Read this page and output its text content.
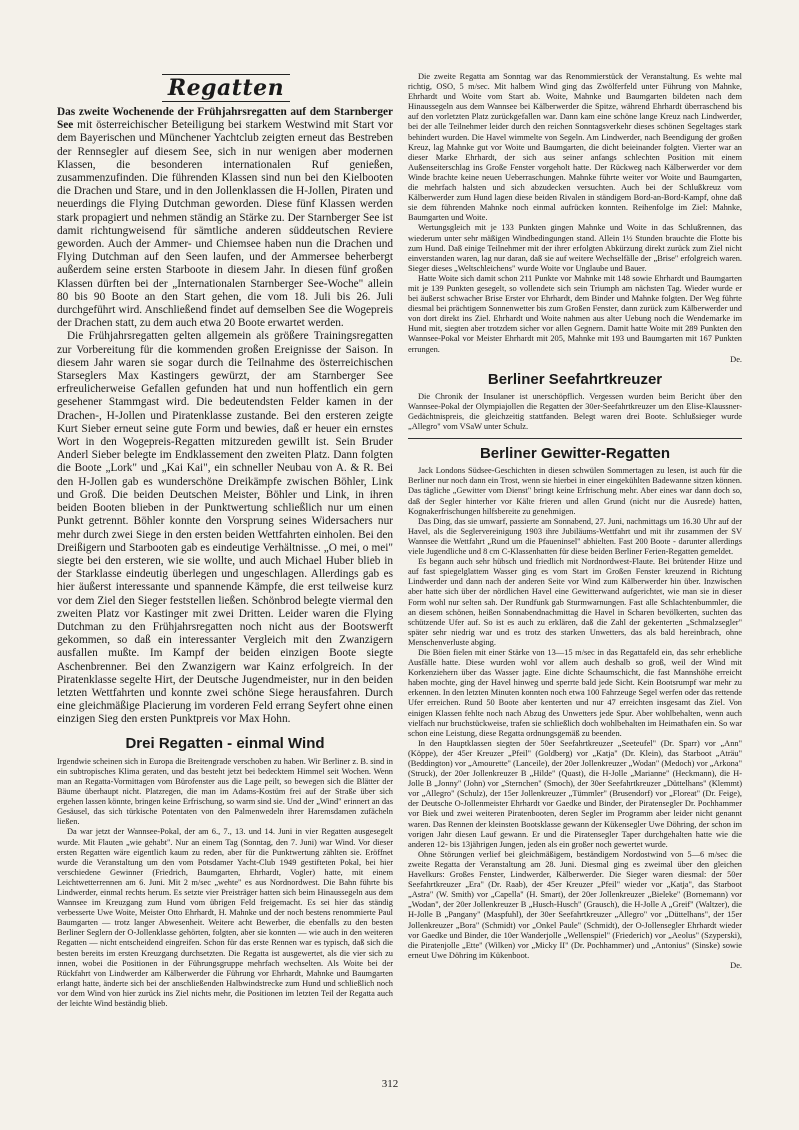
Regatten

Das zweite Wochenende der Frühjahrsregatten auf dem Starnberger See mit österreichischer Beteiligung bei starkem Westwind mit Start vor dem Bayerischen und Münchener Yachtclub zeigten erneut das Bestreben der Rennsegler auf diesem See, sich in nur wenigen aber modernen Klassen, die besonderen internationalen Ruf genießen, zusammenzufinden. Die führenden Klassen sind nun bei den Kielbooten die Drachen und Stare, und in den Jollenklassen die H-Jollen, Piraten und neuerdings die Flying Dutchman geworden. Diese fünf Klassen werden stark propagiert und nehmen ständig an Stärke zu. Der Starnberger See ist damit richtungweisend für sämtliche anderen süddeutschen Reviere geworden. Auch der Ammer- und Chiemsee haben nun die Drachen und Flying Dutchman auf den Seen laufen, und der Ammersee beherbergt außerdem seine ersten Starboote in diesem Jahr. In diesen fünf großen Klassen dürften bei der „Internationalen Starnberger See-Woche" allein 80 bis 90 Boote an den Start gehen, die vom 18. Juli bis 26. Juli durchgeführt wird. Anschließend findet auf demselben See die Wogepreis der Drachen statt, zu dem auch etwa 20 Boote erwartet werden.

Die Frühjahrsregatten gelten allgemein als größere Trainingsregatten zur Vorbereitung für die kommenden großen Ereignisse der Saison. In diesem Jahr waren sie sogar durch die Teilnahme des österreichischen Starseglers Max Kastingers gewürzt, der am Starnberger See erfreulicherweise Gefallen gefunden hat und nun hoffentlich ein gern gesehener Stammgast wird. Die bedeutendsten Felder kamen in der Drachen-, H-Jollen und Piratenklasse zustande. Bei den ersteren zeigte Kurt Sieber erneut seine gute Form und bewies, daß er heuer ein ernstes Wort in den Wogepreis-Regatten mitzureden gewillt ist. Sein Bruder Anderl Sieber belegte im Endklassement den zweiten Platz. Dann folgten die Boote „Lork" und „Kai Kai", ein schneller Neubau von A. & R. Bei den H-Jollen gab es wunderschöne Dreikämpfe zwischen Böhler, Link und Groß. Die beiden Deutschen Meister, Böhler und Link, in ihren beiden Booten blieben in der Punktwertung schließlich nur um einen Punkt getrennt. Böhler konnte den Vorsprung seines Widersachers nur mehr durch zwei Siege in den ersten beiden Wettfahrten einholen. Bei den Dreißigern und Starbooten gab es eindeutige Verhältnisse. „O mei, o mei" siegte bei den ersteren, wie sie wollte, und auch Michael Huber blieb in der Starklasse eindeutig überlegen und ungeschlagen. Allerdings gab es hier äußerst interessante und spannende Kämpfe, die erst teilweise kurz vor dem Ziel den Sieger feststellen ließen. Schönbrod belegte viermal den zweiten Platz vor Kastinger mit zwei Dritten. Leider waren die Flying Dutchman zu den Frühjahrsregatten noch nicht aus der Bootswerft gekommen, so daß ein interessanter Vergleich mit den Zwanzigern ausfallen mußte. Im Kampf der beiden einzigen Boote siegte Aschenbrenner. Bei den Zwanzigern war Kainz erfolgreich. In der Piratenklasse segelte Hirt, der Deutsche Jugendmeister, nur in den beiden letzten Wettfahrten und konnte zwei schöne Siege herausfahren. Durch eine gleichmäßige Placierung im vorderen Feld errang Seyfert ohne einen einzigen Sieg den ersten Punktpreis vor Max Hohn.

Drei Regatten - einmal Wind

Irgendwie scheinen sich in Europa die Breitengrade verschoben zu haben. Wir Berliner z. B. sind in ein subtropisches Klima geraten, und das besteht jetzt bei bedecktem Himmel seit Wochen. Wenn man an Regatta-Vormittagen vom Bürofenster aus die Lage peilt, so bewegen sich die Blätter der Bäume überhaupt nicht. Platzregen, die man im Adams-Kostüm frei auf der Straße über sich ergehen lassen könnte, bringen keine Erfrischung, so warm sind sie. Und der „Wind" erinnert an das Gesäusel, das sich türkische Potentaten von den Palmenwedeln ihrer Haremsdamen zufächeln ließen.

Da war jetzt der Wannsee-Pokal, der am 6., 7., 13. und 14. Juni in vier Regatten ausgesegelt wurde. Mit Flauten „wie gehabt". Nur an einem Tag (Sonntag, den 7. Juni) war Wind. Vor dieser ersten Regatten wäre eigentlich kaum zu reden, aber für die Punktwertung zählten sie. Eröffnet wurde die Veranstaltung um den vom Potsdamer Yacht-Club 1949 gestifteten Pokal, bei hier verschiedene Gewinner (Friedrich, Baumgarten, Ehrhardt, Vogler) hatte, mit einem Leichtwetterrennen am 6. Juni. Mit 2 m/sec „wehte" es aus Nordnordwest. Die Bahn führte bis Lindwerder, einmal rechts herum. Es setzte vier Preisträger hatten sich beim Hinaussegeln aus dem Wannsee im Kreuzgang zum Hund vom übrigen Feld freigemacht. Es sei hier das ständig verbesserte Uwe Woite, Meister Otto Ehrhardt, H. Mahnke und der noch bestens renommierte Paul Baumgarten — trotz langer Abwesenheit. Weitere acht Bewerber, die ebenfalls zu den besten Berliner Seglern der O-Jollenklasse gehörten, folgten, aber sie konnten — wie auch in den weiteren Regatten — nicht entscheidend eingreifen. Schon für das erste Rennen war es typisch, daß sich die besten bereits im ersten Kreuzgang durchsetzten. Die Regatta ist ausgewertet, als die vier sich zu innen, wobei die Positionen in der Führungsgruppe mehrfach wechselten. Als Woite bei der Rückfahrt von Lindwerder am Kälberwerder die Führung vor Ehrhardt, Mahnke und Baumgarten erlangt hatte, änderte sich bei der anschließenden Halbwindstrecke zum Hund und schließlich noch vor dem Wind von hier zurück ins Ziel nichts mehr, die Positionen im letzten Teil der Regatta auch der leichte Wind beständig blieb.

Die zweite Regatta am Sonntag war das Renommierstück der Veranstaltung. Es wehte mal richtig, OSO, 5 m/sec. Mit halbem Wind ging das Zwölferfeld unter Führung von Mahnke, Ehrhardt und Woite vom Start ab. Woite, Mahnke und Baumgarten bildeten nach dem Hinaussegeln aus dem Wannsee bei Kälberwerder die Spitze, während Ehrhardt überraschend bis auf den vorletzten Platz zurückgefallen war. Dann kam eine schöne lange Kreuz nach Lindwerder, bei der alle Teilnehmer leider durch den reichen Sonntagsverkehr dieses schönen Segeltages stark behindert wurden. Die Havel wimmelte von Segeln. Am Lindwerder, nach Beendigung der großen Kreuz, lag Mahnke gut vor Woite und Baumgarten, die dicht beieinander folgten. Vierter war an dieser Marke Ehrhardt, der sich aus seiner anfangs schlechten Position mit einem Außenseiterschlag ins Große Fenster vorgeholt hatte. Der Rückweg nach Kälberwerder vor dem Winde brachte keine neuen Ueberraschungen. Mahnke führte weiter vor Woite und Baumgarten, die mehrfach halsten und sich abzudecken versuchten. Auch bei der Schlußkreuz vom Kälberwerder zum Hund lagen diese beiden Rivalen in ständigem Bord-an-Bord-Kampf, ohne daß sie dem führenden Mahnke noch einmal aufrücken konnten. Reihenfolge im Ziel: Mahnke, Baumgarten und Woite.

Wertungsgleich mit je 133 Punkten gingen Mahnke und Woite in das Schlußrennen, das wiederum unter sehr mäßigen Windbedingungen stand. Allein 1½ Stunden brauchte die Flotte bis zum Hund. Daß einige Teilnehmer mit der ihrer erfolgten Abkürzung direkt zurück zum Ziel nicht einverstanden waren, lag nur daran, daß sie auf weitere Wechselfälle der „Brise" erfolgreich waren. Sieger dieses „Weltschleichens" wurde Woite vor Unglaube und Bauer.

Hatte Woite sich damit schon 211 Punkte vor Mahnke mit 148 sowie Ehrhardt und Baumgarten mit je 139 Punkten gesegelt, so vollendete sich sein Triumph am nächsten Tag. Wieder wurde er bei äußerst schwacher Brise Erster vor Ehrhardt, dem Binder und Mahnke folgten. Der Weg führte diesmal bei prächtigem Sonnenwetter bis zum Großen Fenster, dann zurück zum Kälberwerder und von dort direkt ins Ziel. Ehrhardt und Woite nahmen aus alter Uebung noch die Wendemarke im Hund mit, siegten aber trotzdem sicher vor allen Gegnern. Damit hatte Woite mit 289 Punkten den Wannsee-Pokal vor Meister Ehrhardt mit 205, Mahnke mit 193 und Baumgarten mit 167 Punkten errungen.

De.
Berliner Seefahrtkreuzer

Die Chronik der Insulaner ist unerschöpflich. Vergessen wurden beim Bericht über den Wannsee-Pokal der Olympiajollen die Regatten der 30er-Seefahrtkreuzer um den Elise-Klaussner-Gedächtnispreis, die gleichzeitig stattfanden. Belegt waren drei Boote. Schlußsieger wurde „Allegro" vom VSaW unter Schulz.

Berliner Gewitter-Regatten

Jack Londons Südsee-Geschichten in diesen schwülen Sommertagen zu lesen, ist auch für die Berliner nur noch dann ein Trost, wenn sie hierbei in einer eingekühlten Badewanne sitzen können. Das tägliche „Gewitter vom Dienst" bringt keine Erfrischung mehr. Aber eines war dann doch so, daß der Segler hinterher vor Kälte frieren und allen Grund (nicht nur die Ausrede) hatten, Kognakerfrischungen hilfsbereite zu genehmigen.

Das Ding, das sie umwarf, passierte am Sonnabend, 27. Juni, nachmittags um 16.30 Uhr auf der Havel, als die Seglervereinigung 1903 ihre Jubiläums-Wettfahrt und mit ihr zusammen der SV Wannsee die Wettfahrt „Rund um die Pfaueninsel" abhielten. Fast 200 Boote - darunter allerdings viele Jugendliche und 8 cm C-Klassenhatten für diese beiden Berliner Ferien-Regatten gemeldet.

Es begann auch sehr hübsch und friedlich mit Nordnordwest-Flaute. Bei brütender Hitze und auf fast spiegelglattem Wasser ging es vom Start im Großen Fenster kreuzend in Richtung Lindwerder und dann nach der anderen Seite vor Wind zum Kälberwerder hin über. Inzwischen aber hatte sich über der nördlichen Havel eine Gewitterwand aufgerichtet, wie man sie in dieser Form wohl nur selten sah. Der Rundfunk gab Sturmwarnungen. Fast alle Schlachtenbummler, die an diesem schönen, heißen Sonnabendnachmittag die Havel in Scharen bevölkerten, suchten das schützende Ufer auf. So ist es auch zu erklären, daß die Zahl der gekenterten „Schmalzsegler" später sehr niedrig war und es trotz des starken Unwetters, das als bald hereinbrach, ohne Menschenverluste abging.

Die Böen fielen mit einer Stärke von 13—15 m/sec in das Regattafeld ein, das sehr erhebliche Ausfälle hatte. Diese wurden wohl vor allem auch deshalb so groß, weil der Wind mit Korkenziehern über das Wasser jagte. Eine dichte Schaumschicht, die fast Mannshöhe erreicht haben mochte, ging der Havel hinweg und sperrte bald jede Sicht. Kein Bootsrumpf war mehr zu erkennen. In den letzten Minuten konnten noch etwa 100 Fahrzeuge Segel werfen oder das rettende Ufer erreichen. Rund 50 Boote aber kenterten und nur 47 erreichten insgesamt das Ziel. Von einigen Klassen fehlte noch nach Abzug des Unwetters jede Spur. Aber wohlbehalten, wenn auch vielfach nur bruchstückweise, trafen sie schließlich doch wohlbehalten im Heimathafen ein. So war schon eine Leistung, diese Regatta ordnungsgemäß zu beenden.

In den Hauptklassen siegten der 50er Seefahrtkreuzer „Seeteufel" (Dr. Sparr) vor „Ann" (Köppe), der 45er Kreuzer „Pfeil" (Goldberg) vor „Katja" (Dr. Klein), das Starboot „Aträu" (Beddington) vor „Amourette" (Lanceile), der 20er Jollenkreuzer „Wodan" (Medoch) vor „Arkona" (Struck), der 20er Jollenkreuzer B „Hilde" (Quast), die H-Jolle „Marianne" (Heckmann), die H-Jolle B „Jonny" (John) vor „Sternchen" (Smoch), der 30er Seefahrtkreuzer „Düttelhans" (Klemmt) vor „Allegro" (Schulz), der 15er Jollenkreuzer „Tümmler" (Brusendorf) vor „Floreat" (Dr. Feige), der Deutsche O-Jollenmeister Ehrhardt vor Gaedke und Binder, der Piratensegler Dr. Pochhammer vor Biek und zwei weiteren Piratenbooten, deren Segler im Programm aber leider nicht genannt waren. Das Rennen der kleinsten Bootsklasse gewann der Kükensegler Uwe Döhring, der schon im vorigen Jahr diesen Lauf gewann. Er und die Piratensegler Taper durchgehalten hatte wie die anderen 12- bis 13jährigen Jungen, jeden als ein großer noch gewertet wurde.

Ohne Störungen verlief bei gleichmäßigem, beständigem Nordostwind von 5—6 m/sec die zweite Regatta der Veranstaltung am 28. Juni. Diesmal ging es zweimal über den gleichen Havelkurs: Großes Fenster, Lindwerder, Kälberwerder. Die Sieger waren diesmal: der 50er Seefahrtkreuzer „Era" (Dr. Raab), der 45er Kreuzer „Pfeil" wieder vor „Katja", das Starboot „Astra" (W. Smith) vor „Capella" (H. Smart), der 20er Jollenkreuzer „Bieleke" (Bornemann) vor „Wodan", der 20er Jollenkreuzer B „Husch-Husch" (Grausch), die H-Jolle A „Greif" (Waltzer), die H-Jolle B „Pangany" (Maspfuhl), der 30er Seefahrtkreuzer „Allegro" vor „Düttelhans", der 15er Jollenkreuzer „Bora" (Schmidt) vor „Onkel Paule" (Schmidt), der O-Jollensegler Ehrhardt wieder vor Gaedke und Binder, die 10er Wanderjolle „Wellenspiel" (Friederich) vor „Aeolus" (Szyperski), die Piratenjolle „Ette" (Wilken) vor „Micky II" (Dr. Pochhammer) und „Antonius" (Sinske) sowie erneut Uwe Döhring im Kükenboot.

De.
312
